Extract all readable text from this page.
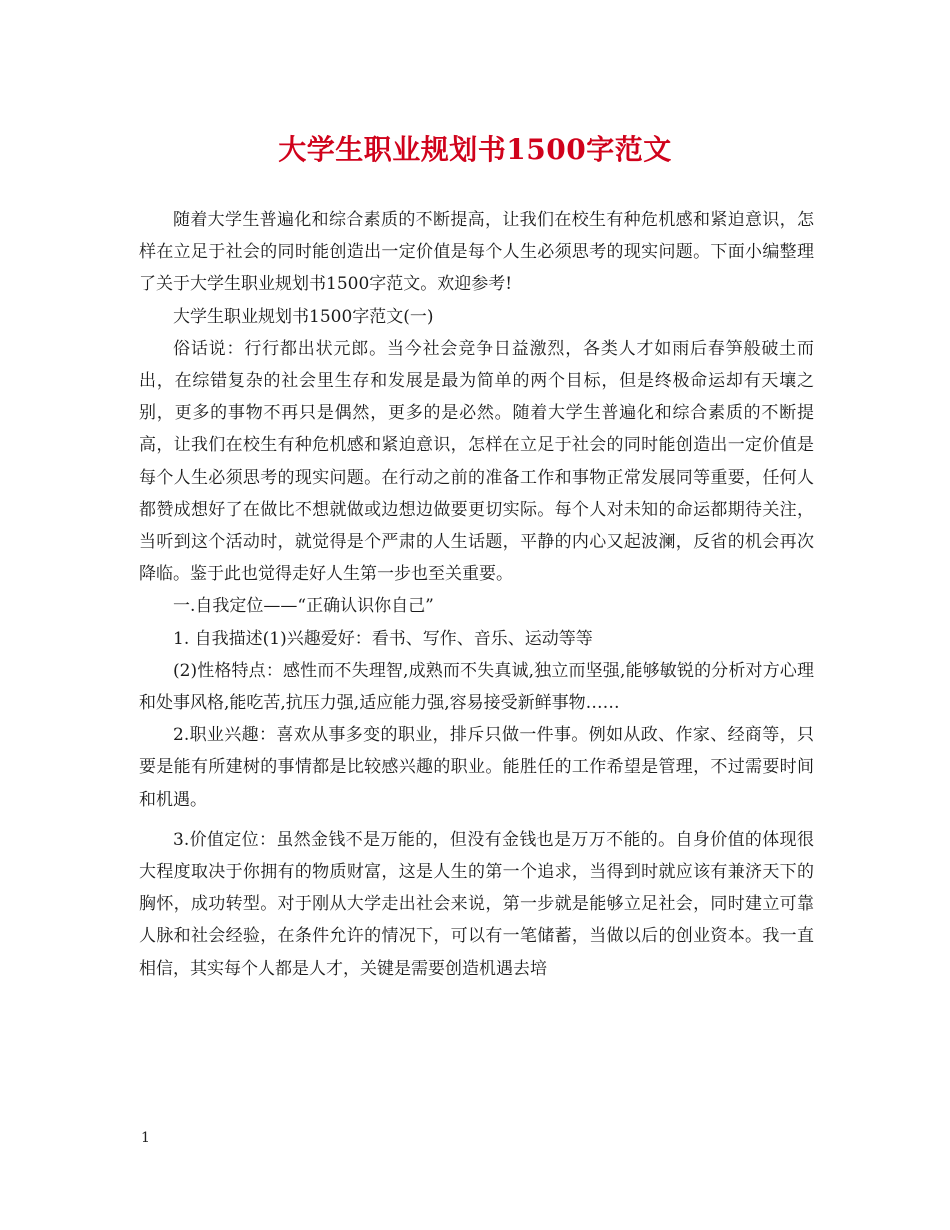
大学生职业规划书1500字范文

随着大学生普遍化和综合素质的不断提高，让我们在校生有种危机感和紧迫意识，怎样在立足于社会的同时能创造出一定价值是每个人生必须思考的现实问题。下面小编整理了关于大学生职业规划书1500字范文。欢迎参考!

大学生职业规划书1500字范文(一)

俗话说：行行都出状元郎。当今社会竞争日益激烈，各类人才如雨后春笋般破土而出，在综错复杂的社会里生存和发展是最为简单的两个目标，但是终极命运却有天壤之别，更多的事物不再只是偶然，更多的是必然。随着大学生普遍化和综合素质的不断提高，让我们在校生有种危机感和紧迫意识，怎样在立足于社会的同时能创造出一定价值是每个人生必须思考的现实问题。在行动之前的准备工作和事物正常发展同等重要，任何人都赞成想好了在做比不想就做或边想边做要更切实际。每个人对未知的命运都期待关注，当听到这个活动时，就觉得是个严肃的人生话题，平静的内心又起波澜，反省的机会再次降临。鉴于此也觉得走好人生第一步也至关重要。

一.自我定位——“正确认识你自己”

1. 自我描述(1)兴趣爱好：看书、写作、音乐、运动等等

(2)性格特点：感性而不失理智,成熟而不失真诚,独立而坚强,能够敏锐的分析对方心理和处事风格,能吃苦,抗压力强,适应能力强,容易接受新鲜事物……

2.职业兴趣：喜欢从事多变的职业，排斥只做一件事。例如从政、作家、经商等，只要是能有所建树的事情都是比较感兴趣的职业。能胜任的工作希望是管理，不过需要时间和机遇。

3.价值定位：虽然金钱不是万能的，但没有金钱也是万万不能的。自身价值的体现很大程度取决于你拥有的物质财富，这是人生的第一个追求，当得到时就应该有兼济天下的胸怀，成功转型。对于刚从大学走出社会来说，第一步就是能够立足社会，同时建立可靠人脉和社会经验，在条件允许的情况下，可以有一笔储蓄，当做以后的创业资本。我一直相信，其实每个人都是人才，关键是需要创造机遇去培

1
